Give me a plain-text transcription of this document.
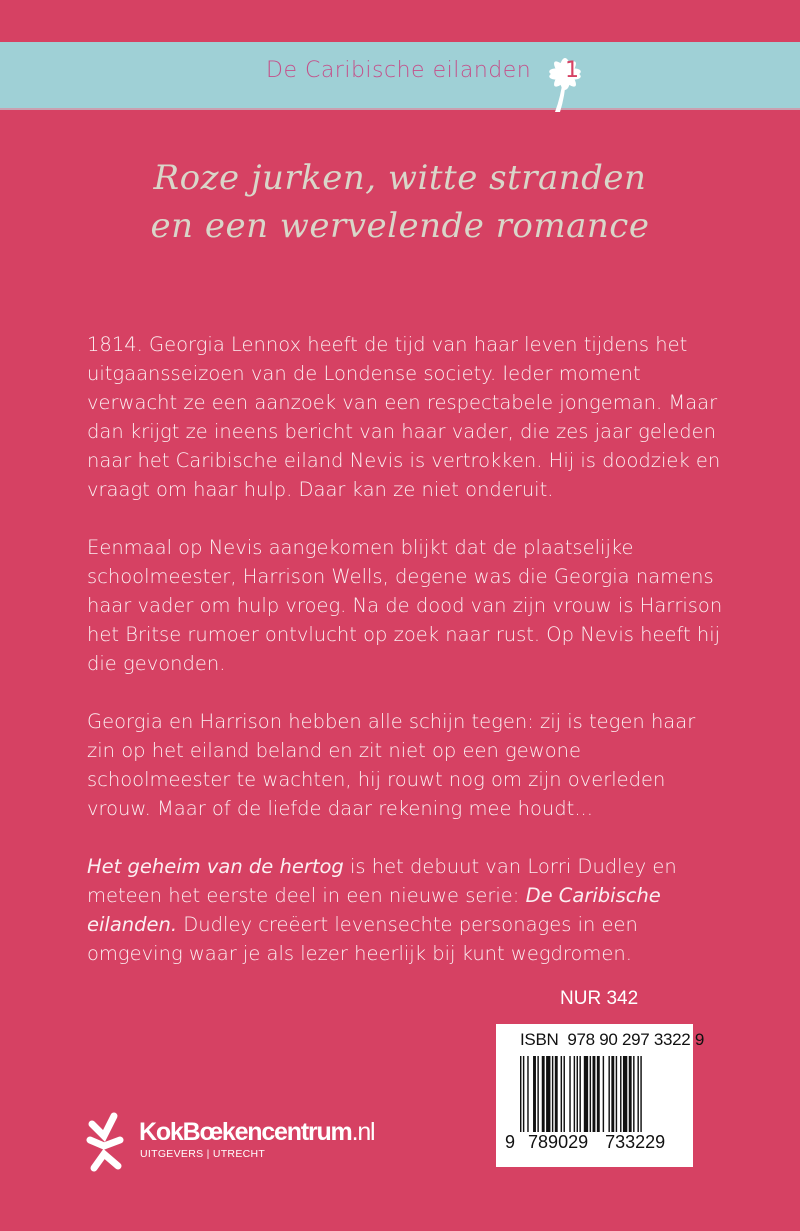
De Caribische eilanden 1
Roze jurken, witte stranden
en een wervelende romance

1814. Georgia Lennox heeft de tijd van haar leven tijdens het uitgaansseizoen van de Londense society. Ieder moment verwacht ze een aanzoek van een respectabele jongeman. Maar dan krijgt ze ineens bericht van haar vader, die zes jaar geleden naar het Caribische eiland Nevis is vertrokken. Hij is doodziek en vraagt om haar hulp. Daar kan ze niet onderuit.

Eenmaal op Nevis aangekomen blijkt dat de plaatselijke schoolmeester, Harrison Wells, degene was die Georgia namens haar vader om hulp vroeg. Na de dood van zijn vrouw is Harrison het Britse rumoer ontvlucht op zoek naar rust. Op Nevis heeft hij die gevonden.

Georgia en Harrison hebben alle schijn tegen: zij is tegen haar zin op het eiland beland en zit niet op een gewone schoolmeester te wachten, hij rouwt nog om zijn overleden vrouw. Maar of de liefde daar rekening mee houdt...

Het geheim van de hertog is het debuut van Lorri Dudley en meteen het eerste deel in een nieuwe serie: De Caribische eilanden. Dudley creëert levensechte personages in een omgeving waar je als lezer heerlijk bij kunt wegdromen.

NUR 342
ISBN  978 90 297 3322 9
9 789029 733229
KokBœkencentrum.nl
UITGEVERS | UTRECHT
